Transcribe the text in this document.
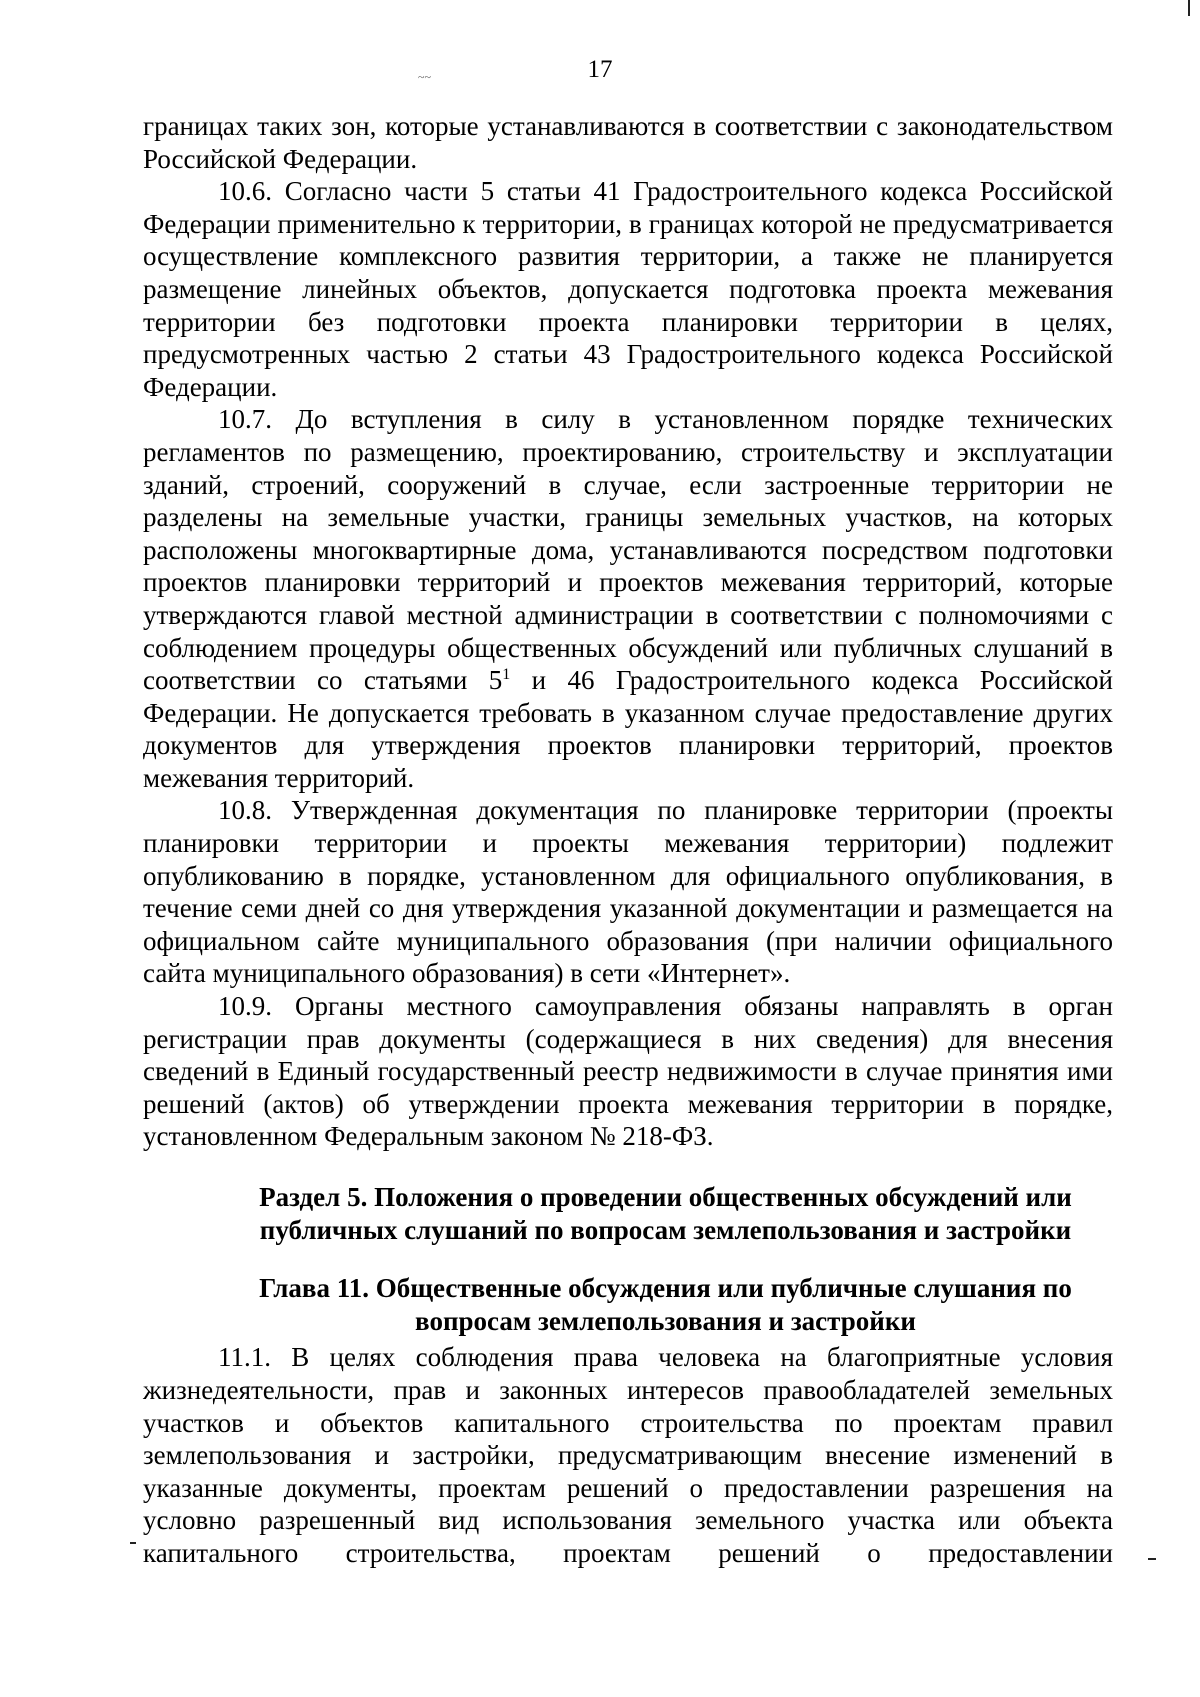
~~	17

границах таких зон, которые устанавливаются в соответствии с законодательством Российской Федерации.

10.6. Согласно части 5 статьи 41 Градостроительного кодекса Российской Федерации применительно к территории, в границах которой не предусматривается осуществление комплексного развития территории, а также не планируется размещение линейных объектов, допускается подготовка проекта межевания территории без подготовки проекта планировки территории в целях, предусмотренных частью 2 статьи 43 Градостроительного кодекса Российской Федерации.

10.7. До вступления в силу в установленном порядке технических регламентов по размещению, проектированию, строительству и эксплуатации зданий, строений, сооружений в случае, если застроенные территории не разделены на земельные участки, границы земельных участков, на которых расположены многоквартирные дома, устанавливаются посредством подготовки проектов планировки территорий и проектов межевания территорий, которые утверждаются главой местной администрации в соответствии с полномочиями с соблюдением процедуры общественных обсуждений или публичных слушаний в соответствии со статьями $5^1$ и 46 Градостроительного кодекса Российской Федерации. Не допускается требовать в указанном случае предоставление других документов для утверждения проектов планировки территорий, проектов межевания территорий.

10.8. Утвержденная документация по планировке территории (проекты планировки территории и проекты межевания территории) подлежит опубликованию в порядке, установленном для официального опубликования, в течение семи дней со дня утверждения указанной документации и размещается на официальном сайте муниципального образования (при наличии официального сайта муниципального образования) в сети «Интернет».

10.9. Органы местного самоуправления обязаны направлять в орган регистрации прав документы (содержащиеся в них сведения) для внесения сведений в Единый государственный реестр недвижимости в случае принятия ими решений (актов) об утверждении проекта межевания территории в порядке, установленном Федеральным законом № 218-ФЗ.

Раздел 5. Положения о проведении общественных обсуждений или
публичных слушаний по вопросам землепользования и застройки
Глава 11. Общественные обсуждения или публичные слушания по
вопросам землепользования и застройки

11.1. В целях соблюдения права человека на благоприятные условия жизнедеятельности, прав и законных интересов правообладателей земельных участков и объектов капитального строительства по проектам правил землепользования и застройки, предусматривающим внесение изменений в указанные документы, проектам решений о предоставлении разрешения на условно разрешенный вид использования земельного участка или объекта капитального строительства, проектам решений о предоставлении
